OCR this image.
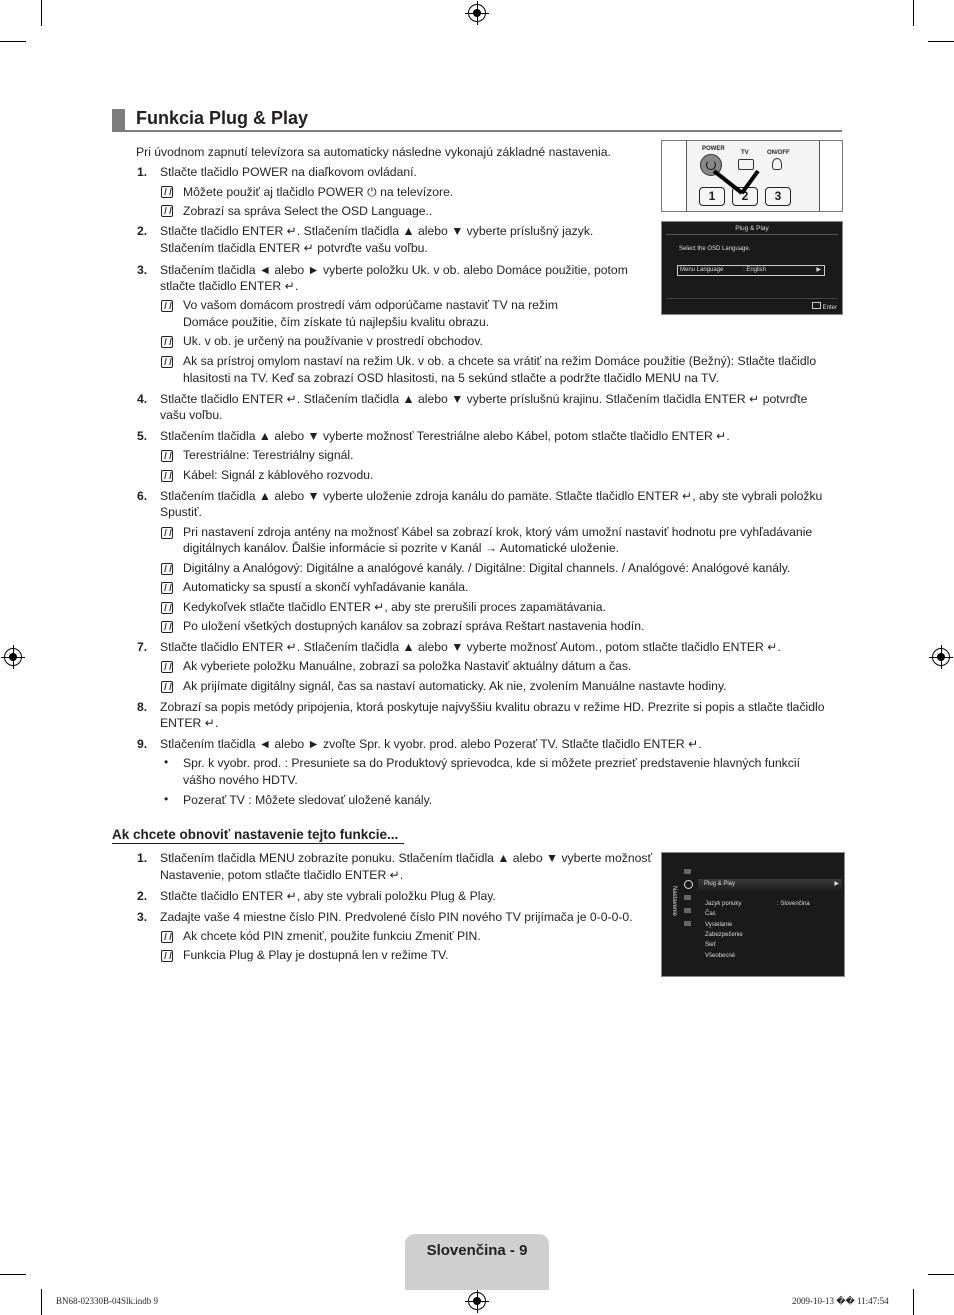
Funkcia Plug & Play
Pri úvodnom zapnutí televízora sa automaticky následne vykonajú základné nastavenia.
1. Stlačte tlačidlo POWER na diaľkovom ovládaní.
Môžete použiť aj tlačidlo POWER ⏻ na televízore.
Zobrazí sa správa Select the OSD Language..
2. Stlačte tlačidlo ENTER ↵. Stlačením tlačidla ▲ alebo ▼ vyberte príslušný jazyk.
Stlačením tlačidla ENTER ↵ potvrďte vašu voľbu.
3. Stlačením tlačidla ◄ alebo ► vyberte položku Uk. v ob. alebo Domáce použitie, potom
stlačte tlačidlo ENTER ↵.
Vo vašom domácom prostredí vám odporúčame nastaviť TV na režim
Domáce použitie, čím získate tú najlepšiu kvalitu obrazu.
Uk. v ob. je určený na používanie v prostredí obchodov.
Ak sa prístroj omylom nastaví na režim Uk. v ob. a chcete sa vrátiť na režim Domáce použitie (Bežný): Stlačte tlačidlo
hlasitosti na TV. Keď sa zobrazí OSD hlasitosti, na 5 sekúnd stlačte a podržte tlačidlo MENU na TV.
4. Stlačte tlačidlo ENTER ↵. Stlačením tlačidla ▲ alebo ▼ vyberte príslušnú krajinu. Stlačením tlačidla ENTER ↵ potvrďte
vašu voľbu.
5. Stlačením tlačidla ▲ alebo ▼ vyberte možnosť Terestriálne alebo Kábel, potom stlačte tlačidlo ENTER ↵.
Terestriálne: Terestriálny signál.
Kábel: Signál z káblového rozvodu.
6. Stlačením tlačidla ▲ alebo ▼ vyberte uloženie zdroja kanálu do pamäte. Stlačte tlačidlo ENTER ↵, aby ste vybrali položku
Spustiť.
Pri nastavení zdroja antény na možnosť Kábel sa zobrazí krok, ktorý vám umožní nastaviť hodnotu pre vyhľadávanie
digitálnych kanálov. Ďalšie informácie si pozrite v Kanál → Automatické uloženie.
Digitálny a Analógový: Digitálne a analógové kanály. / Digitálne: Digital channels. / Analógové: Analógové kanály.
Automaticky sa spustí a skončí vyhľadávanie kanála.
Kedykoľvek stlačte tlačidlo ENTER ↵, aby ste prerušili proces zapamätávania.
Po uložení všetkých dostupných kanálov sa zobrazí správa Reštart nastavenia hodín.
7. Stlačte tlačidlo ENTER ↵. Stlačením tlačidla ▲ alebo ▼ vyberte možnosť Autom., potom stlačte tlačidlo ENTER ↵.
Ak vyberiete položku Manuálne, zobrazí sa položka Nastaviť aktuálny dátum a čas.
Ak prijímate digitálny signál, čas sa nastaví automaticky. Ak nie, zvolením Manuálne nastavte hodiny.
8. Zobrazí sa popis metódy pripojenia, ktorá poskytuje najvyššiu kvalitu obrazu v režime HD. Prezrite si popis a stlačte tlačidlo
ENTER ↵.
9. Stlačením tlačidla ◄ alebo ► zvoľte Spr. k vyobr. prod. alebo Pozerať TV. Stlačte tlačidlo ENTER ↵.
• Spr. k vyobr. prod. : Presuniete sa do Produktový sprievodca, kde si môžete prezrieť predstavenie hlavných funkcií
vášho nového HDTV.
• Pozerať TV : Môžete sledovať uložené kanály.
Ak chcete obnoviť nastavenie tejto funkcie...
1. Stlačením tlačidla MENU zobrazíte ponuku. Stlačením tlačidla ▲ alebo ▼ vyberte možnosť
Nastavenie, potom stlačte tlačidlo ENTER ↵.
2. Stlačte tlačidlo ENTER ↵, aby ste vybrali položku Plug & Play.
3. Zadajte vaše 4 miestne číslo PIN. Predvolené číslo PIN nového TV prijímača je 0-0-0-0.
Ak chcete kód PIN zmeniť, použite funkciu Zmeniť PIN.
Funkcia Plug & Play je dostupná len v režime TV.
POWER
TV	ON/OFF
1	2	3
Plug & Play
Select the OSD Language.
Menu Language	: English	▶
Enter
Nastavenie
Plug & Play	▶
Jazyk ponuky	: Slovenčina
Čas
Vysielanie
Zabezpečenie
Sieť
Všeobecné
Slovenčina - 9
BN68-02330B-04Slk.indb 9	2009-10-13 �� 11:47:54
